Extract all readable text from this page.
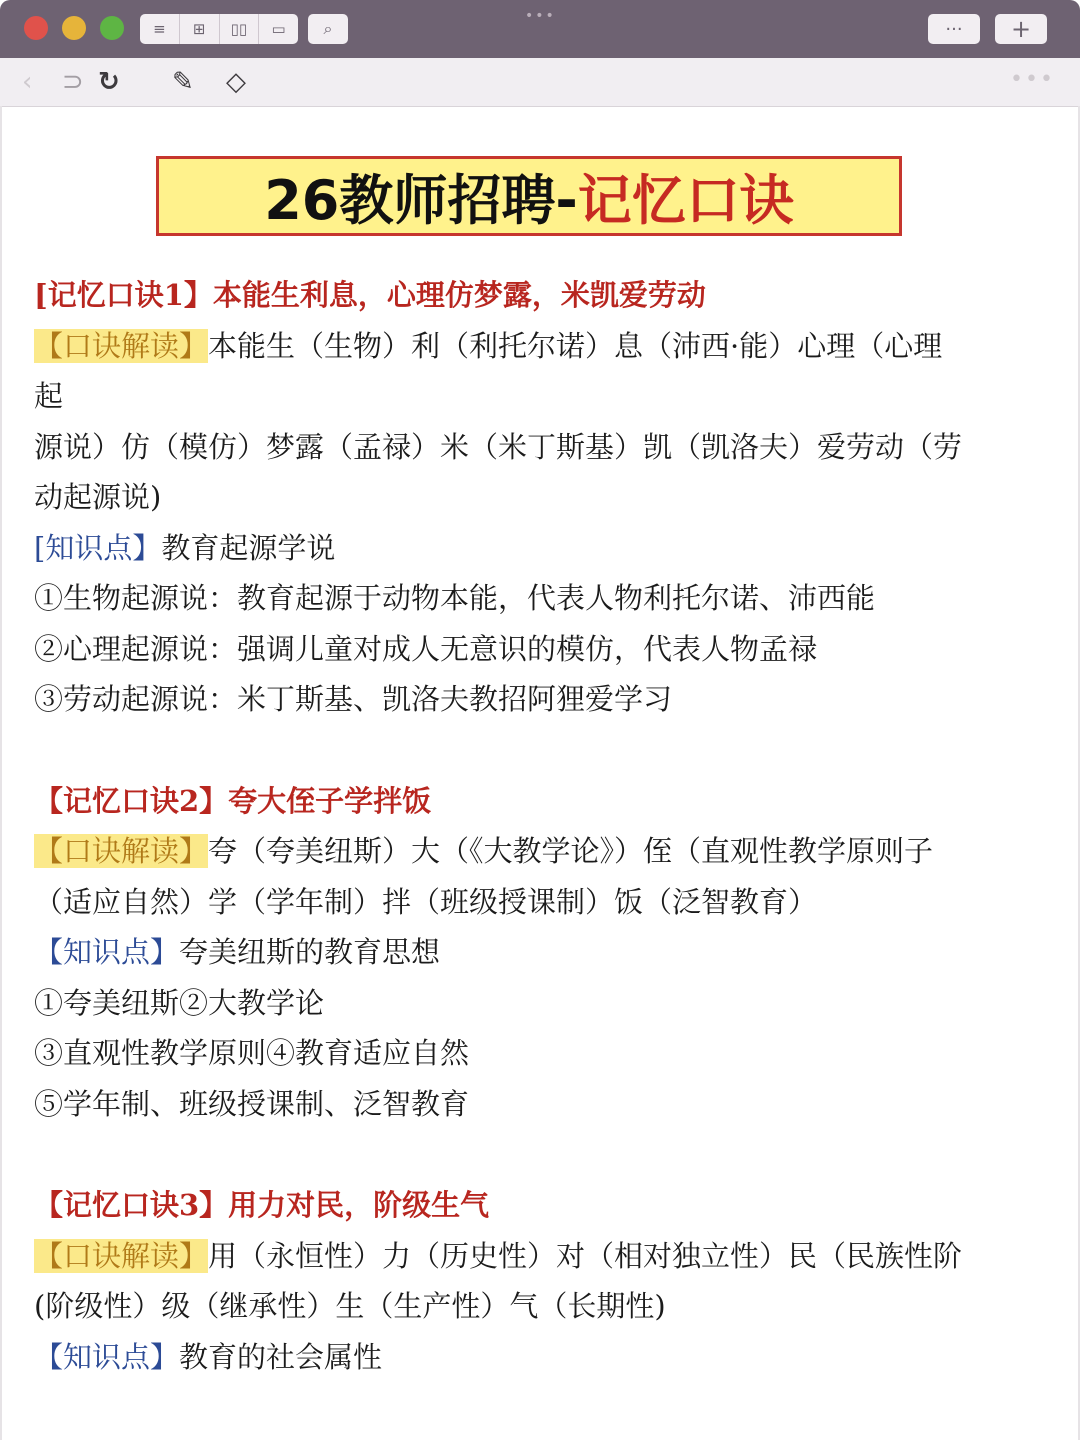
•••
≡	⊞	▯▯	▭	⌕	···	+
‹ ⊃ ↻ ✎ ◇	•••
26教师招聘- 记忆口诀
[记忆口诀1】本能生利息，心理仿梦露，米凯爱劳动
【口诀解读】本能生（生物）利（利托尔诺）息（沛西·能）心理（心理
起
源说）仿（模仿）梦露（孟禄）米（米丁斯基）凯（凯洛夫）爱劳动（劳
动起源说)
[知识点】教育起源学说
①生物起源说：教育起源于动物本能，代表人物利托尔诺、沛西能
②心理起源说：强调儿童对成人无意识的模仿，代表人物孟禄
③劳动起源说：米丁斯基、凯洛夫教招阿狸爱学习
【记忆口诀2】夸大侄子学拌饭
【口诀解读】夸（夸美纽斯）大（《大教学论》）侄（直观性教学原则子
（适应自然）学（学年制）拌（班级授课制）饭（泛智教育）
【知识点】夸美纽斯的教育思想
①夸美纽斯②大教学论
③直观性教学原则④教育适应自然
⑤学年制、班级授课制、泛智教育
【记忆口诀3】用力对民，阶级生气
【口诀解读】用（永恒性）力（历史性）对（相对独立性）民（民族性阶
(阶级性）级（继承性）生（生产性）气（长期性)
【知识点】教育的社会属性
